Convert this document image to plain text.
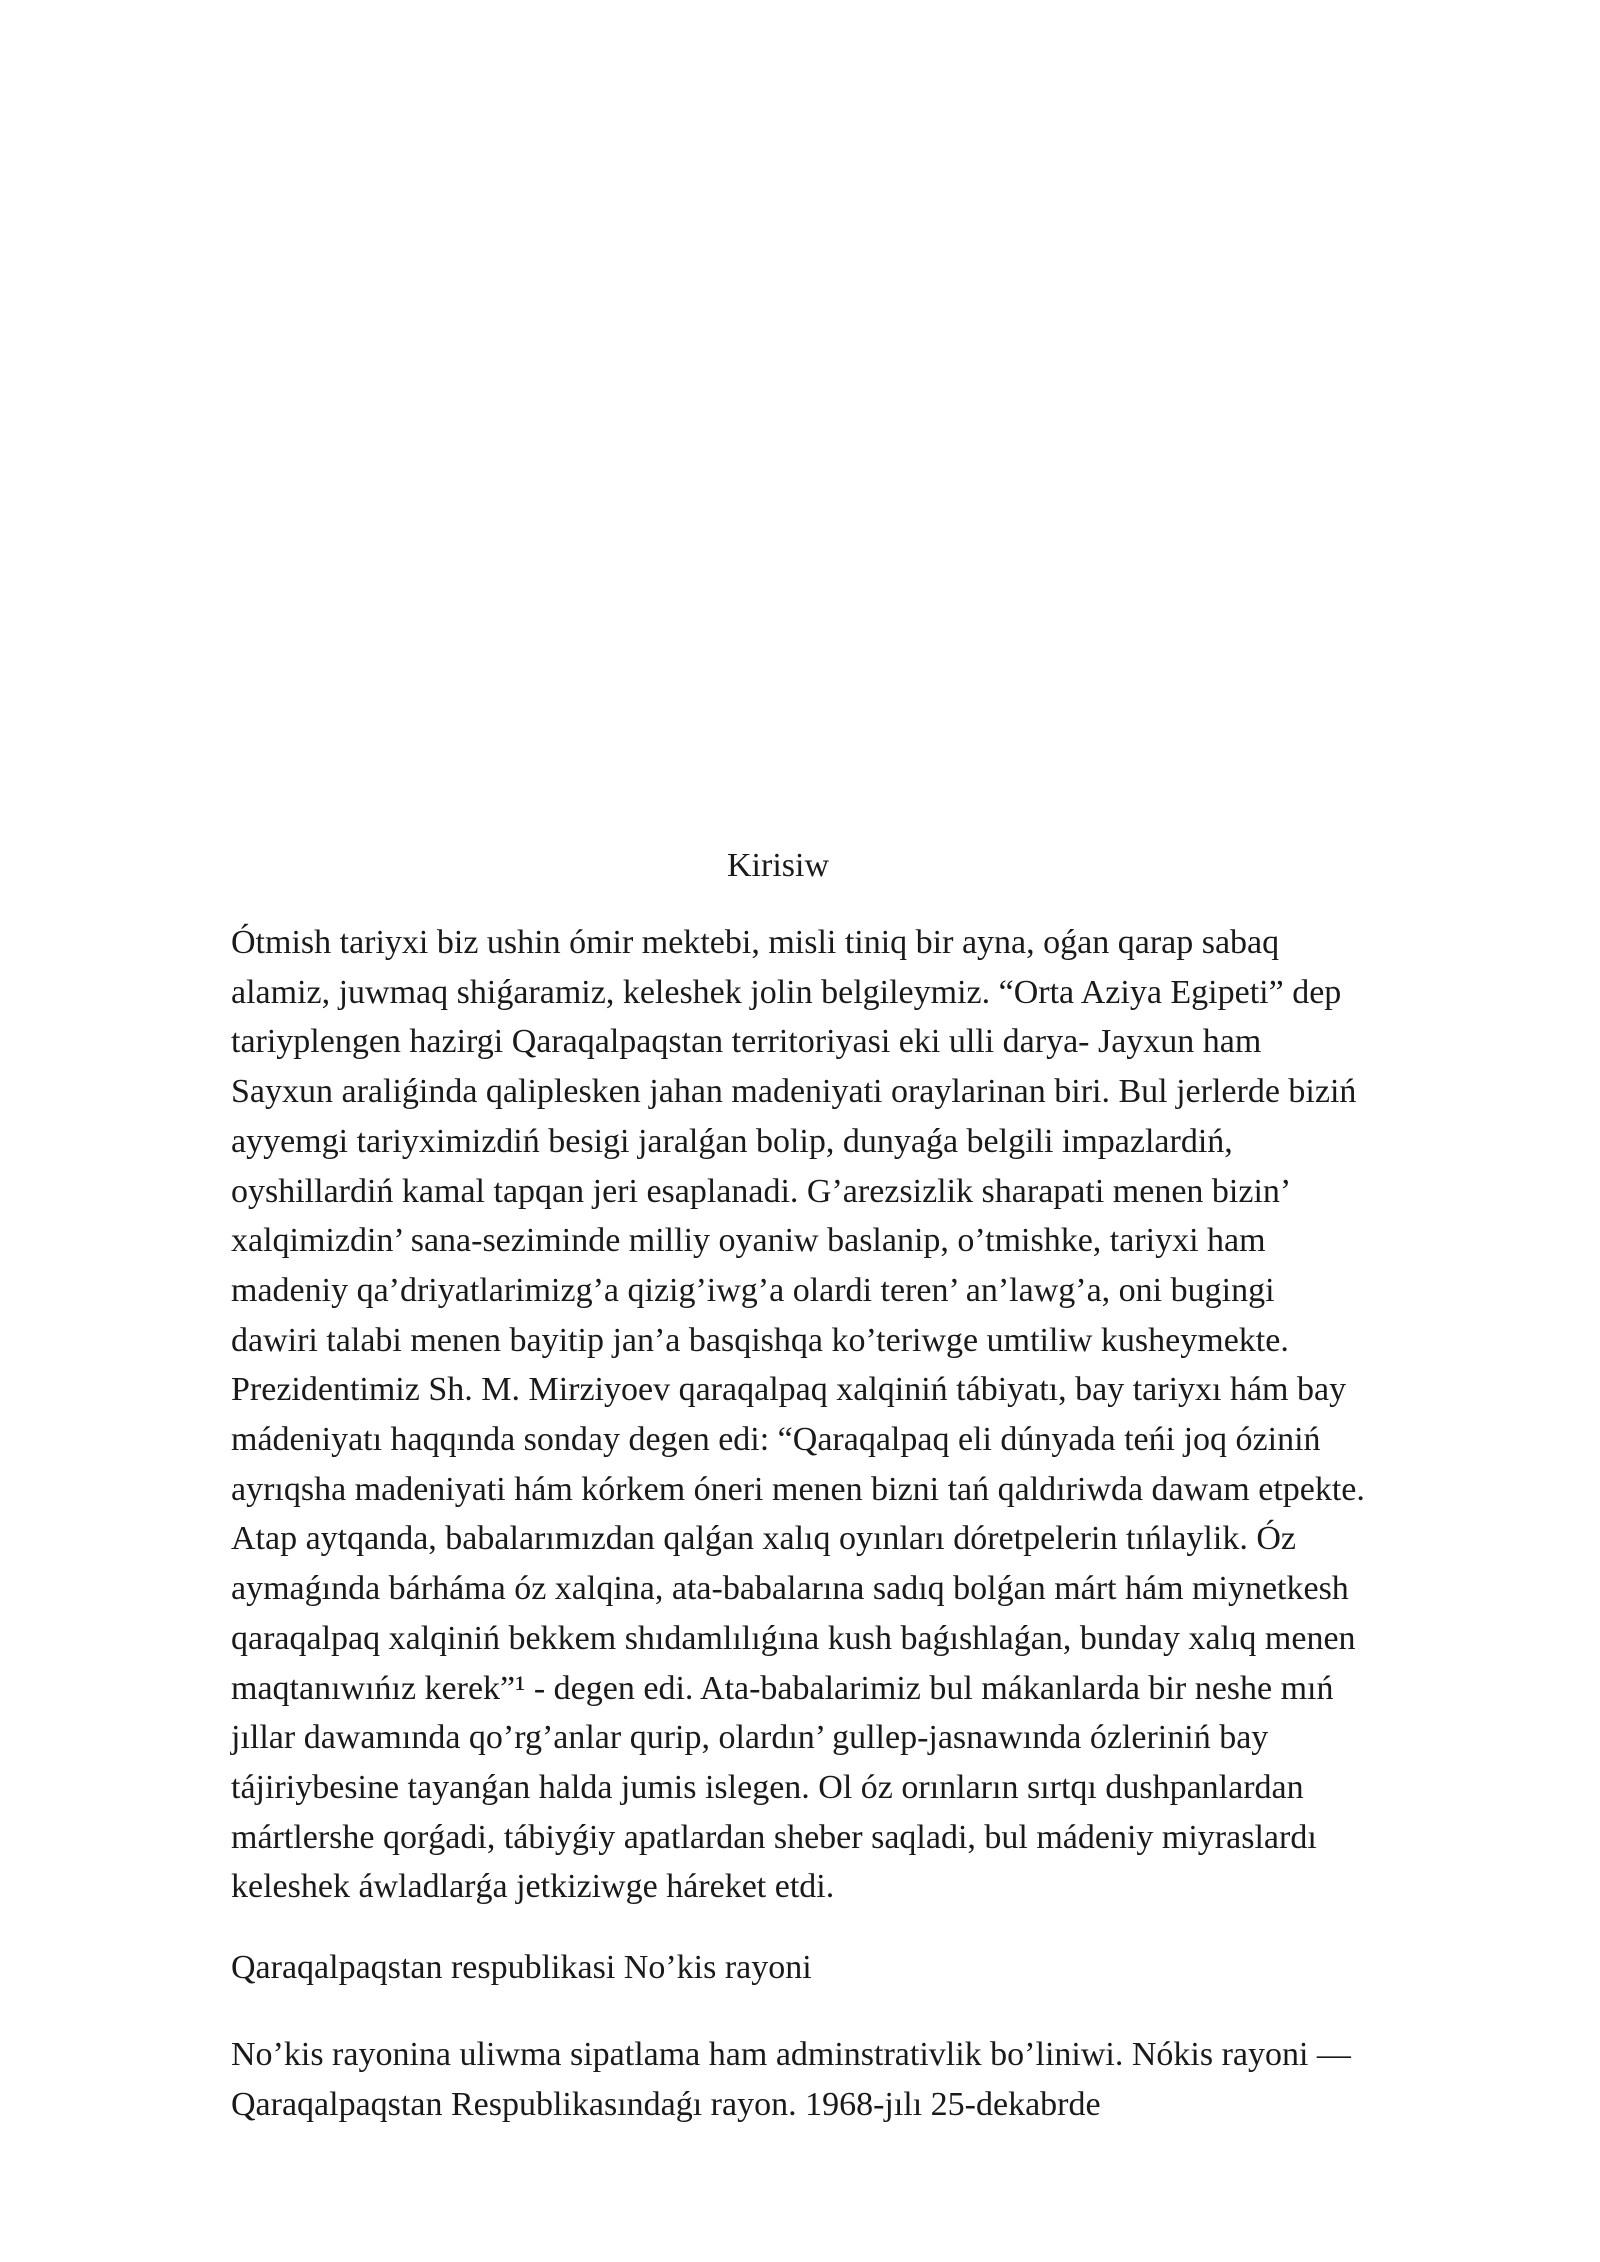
Kirisiw

Ótmish tariyxi biz ushin ómir mektebi, misli tiniq bir ayna, oǵan qarap sabaq
alamiz, juwmaq shiǵaramiz, keleshek jolin belgileymiz. “Orta Aziya Egipeti” dep
tariyplengen hazirgi Qaraqalpaqstan territoriyasi eki ulli darya- Jayxun ham
Sayxun araliǵinda qaliplesken jahan madeniyati oraylarinan biri. Bul jerlerde biziń
ayyemgi tariyximizdiń besigi jaralǵan bolip, dunyaǵa belgili impazlardiń,
oyshillardiń kamal tapqan jeri esaplanadi. G’arezsizlik sharapati menen bizin’
xalqimizdin’ sana-seziminde milliy oyaniw baslanip, o’tmishke, tariyxi ham
madeniy qa’driyatlarimizg’a qizig’iwg’a olardi teren’ an’lawg’a, oni bugingi
dawiri talabi menen bayitip jan’a basqishqa ko’teriwge umtiliw kusheymekte.
Prezidentimiz Sh. M. Mirziyoev qaraqalpaq xalqiniń tábiyatı, bay tariyxı hám bay
mádeniyatı haqqında sonday degen edi: “Qaraqalpaq eli dúnyada teńi joq óziniń
ayrıqsha madeniyati hám kórkem óneri menen bizni tań qaldıriwda dawam etpekte.
Atap aytqanda, babalarımızdan qalǵan xalıq oyınları dóretpelerin tıńlaylik. Óz
aymaǵında bárháma óz xalqina, ata-babalarına sadıq bolǵan márt hám miynetkesh
qaraqalpaq xalqiniń bekkem shıdamlılıǵına kush baǵıshlaǵan, bunday xalıq menen
maqtanıwıńız kerek”¹ - degen edi. Ata-babalarimiz bul mákanlarda bir neshe mıń
jıllar dawamında qo’rg’anlar qurip, olardın’ gullep-jasnawında ózleriniń bay
tájiriybesine tayanǵan halda jumis islegen. Ol óz orınların sırtqı dushpanlardan
mártlershe qorǵadi, tábiyǵiy apatlardan sheber saqladi, bul mádeniy miyraslardı
keleshek áwladlarǵa jetkiziwge háreket etdi.

Qaraqalpaqstan respublikasi No’kis rayoni

No’kis rayonina uliwma sipatlama ham adminstrativlik bo’liniwi. Nókis rayoni —
Qaraqalpaqstan Respublikasındaǵı rayon. 1968-jılı 25-dekabrde
